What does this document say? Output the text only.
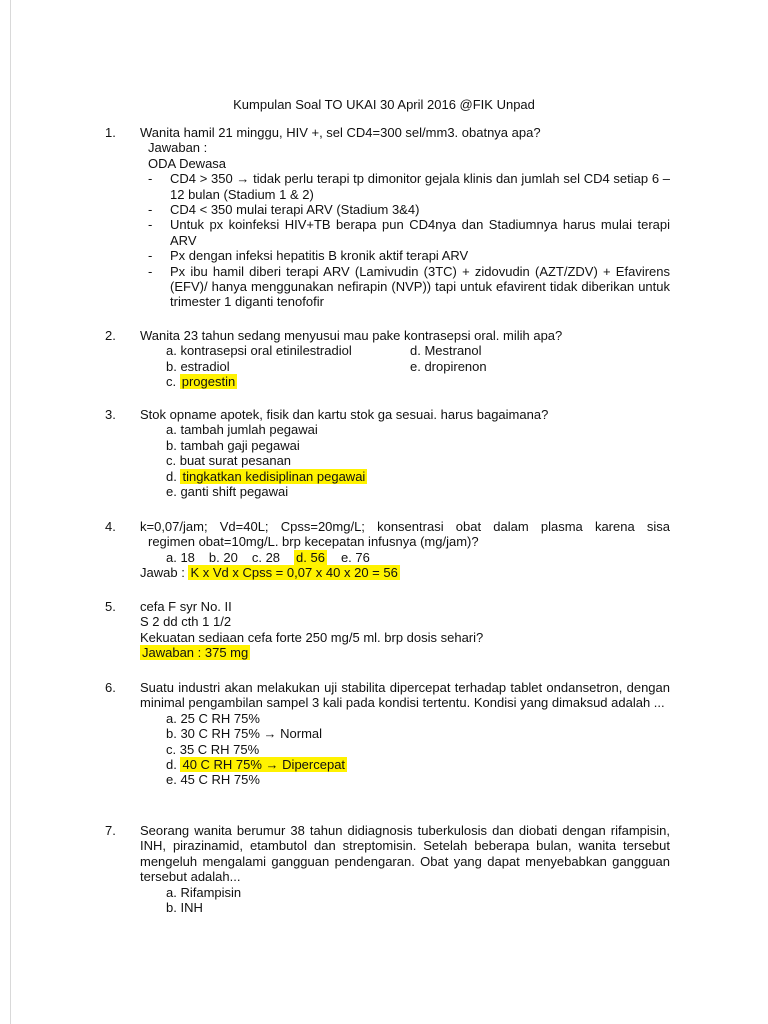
Kumpulan Soal TO UKAI 30 April 2016 @FIK Unpad
1. Wanita hamil 21 minggu, HIV +, sel CD4=300 sel/mm3. obatnya apa?
Jawaban :
ODA Dewasa
- CD4 > 350 → tidak perlu terapi tp dimonitor gejala klinis dan jumlah sel CD4 setiap 6 – 12 bulan (Stadium 1 & 2)
- CD4 < 350 mulai terapi ARV (Stadium 3&4)
- Untuk px koinfeksi HIV+TB berapa pun CD4nya dan Stadiumnya harus mulai terapi ARV
- Px dengan infeksi hepatitis B kronik aktif terapi ARV
- Px ibu hamil diberi terapi ARV (Lamivudin (3TC) + zidovudin (AZT/ZDV) + Efavirens (EFV)/ hanya menggunakan nefirapin (NVP)) tapi untuk efavirent tidak diberikan untuk trimester 1 diganti tenofofir
2. Wanita 23 tahun sedang menyusui mau pake kontrasepsi oral. milih apa?
a. kontrasepsi oral etinilestradiol	d. Mestranol
b. estradiol	e. dropirenon
c. progestin
3. Stok opname apotek, fisik dan kartu stok ga sesuai. harus bagaimana?
a. tambah jumlah pegawai
b. tambah gaji pegawai
c. buat surat pesanan
d. tingkatkan kedisiplinan pegawai
e. ganti shift pegawai
4. k=0,07/jam; Vd=40L; Cpss=20mg/L; konsentrasi obat dalam plasma karena sisa
regimen obat=10mg/L. brp kecepatan infusnya (mg/jam)?
a. 18 b. 20 c. 28 d. 56 e. 76
Jawab : K x Vd x Cpss = 0,07 x 40 x 20 = 56
5. cefa F syr No. II
S 2 dd cth 1 1/2
Kekuatan sediaan cefa forte 250 mg/5 ml. brp dosis sehari?
Jawaban : 375 mg
6. Suatu industri akan melakukan uji stabilita dipercepat terhadap tablet ondansetron, dengan minimal pengambilan sampel 3 kali pada kondisi tertentu. Kondisi yang dimaksud adalah ...
a. 25 C RH 75%
b. 30 C RH 75% → Normal
c. 35 C RH 75%
d. 40 C RH 75% → Dipercepat
e. 45 C RH 75%
7. Seorang wanita berumur 38 tahun didiagnosis tuberkulosis dan diobati dengan rifampisin, INH, pirazinamid, etambutol dan streptomisin. Setelah beberapa bulan, wanita tersebut mengeluh mengalami gangguan pendengaran. Obat yang dapat menyebabkan gangguan tersebut adalah...
a. Rifampisin
b. INH
